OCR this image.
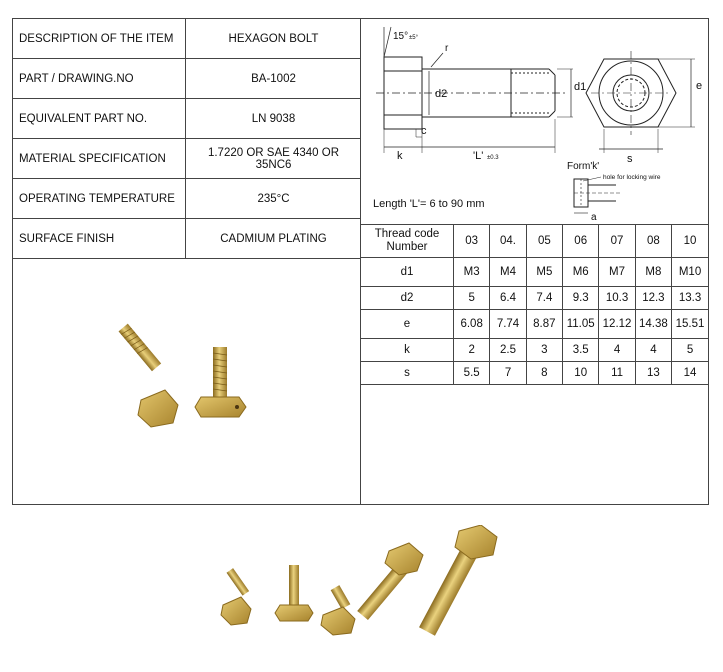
DESCRIPTION OF THE ITEM	HEXAGON BOLT
PART / DRAWING.NO	BA-1002
EQUIVALENT PART NO.	LN 9038
MATERIAL SPECIFICATION	1.7220 OR SAE 4340 OR 35NC6
OPERATING TEMPERATURE	235°C
SURFACE FINISH	CADMIUM PLATING
15° ±5°
r
d2
d1
c
k	'L' ±0.3
e
s
Form'k'
hole for locking wire
a
Length 'L'= 6 to 90 mm
Thread code
Number	03	04.	05	06	07	08	10
d1	M3	M4	M5	M6	M7	M8	M10
d2	5	6.4	7.4	9.3	10.3	12.3	13.3
e	6.08	7.74	8.87	11.05	12.12	14.38	15.51
k	2	2.5	3	3.5	4	4	5
s	5.5	7	8	10	11	13	14
